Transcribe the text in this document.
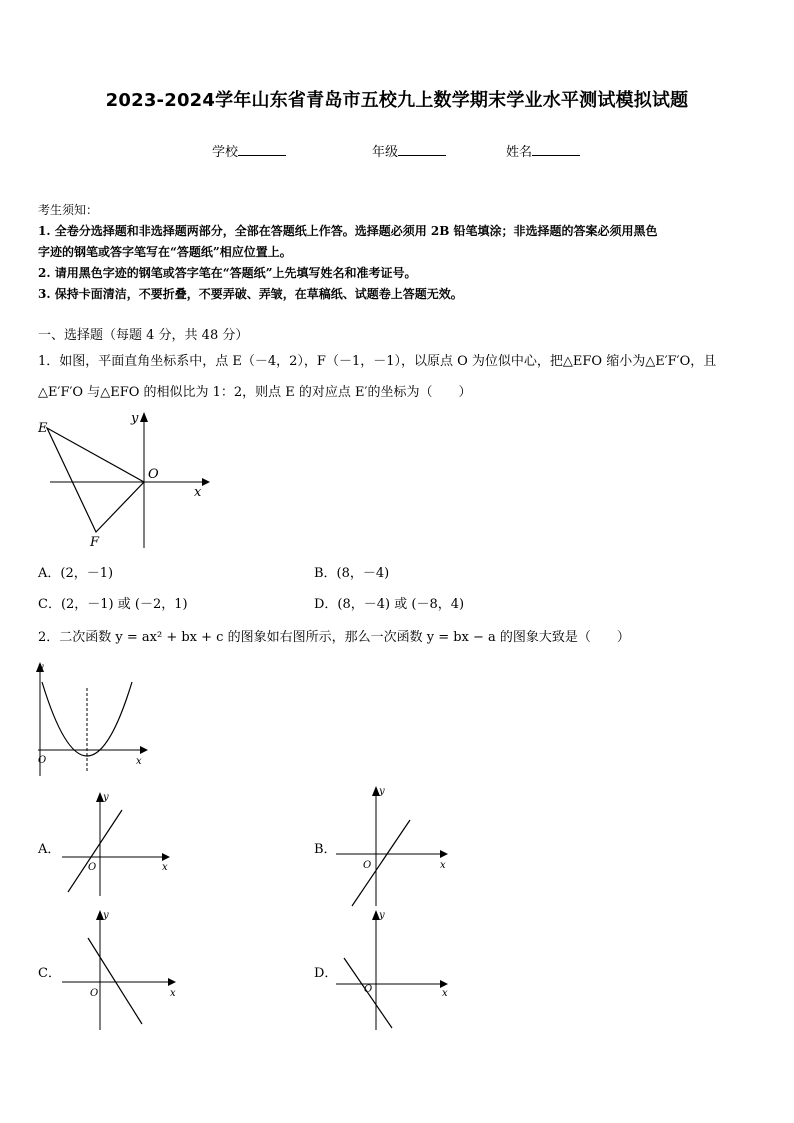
2023-2024学年山东省青岛市五校九上数学期末学业水平测试模拟试题
学校	年级	姓名
考生须知：
1. 全卷分选择题和非选择题两部分，全部在答题纸上作答。选择题必须用 2B 铅笔填涂；非选择题的答案必须用黑色
字迹的钢笔或答字笔写在“答题纸”相应位置上。
2. 请用黑色字迹的钢笔或答字笔在“答题纸”上先填写姓名和准考证号。
3. 保持卡面清洁，不要折叠，不要弄破、弄皱，在草稿纸、试题卷上答题无效。
一、选择题（每题 4 分，共 48 分）
1．如图，平面直角坐标系中，点 E（－4，2），F（－1，－1），以原点 O 为位似中心，把△EFO 缩小为△E′F′O，且
△E′F′O 与△EFO 的相似比为 1：2，则点 E 的对应点 E′的坐标为（　　）
E
F
O
x
y
A．(2，－1)	B．(8，－4)
C．(2，－1) 或 (－2，1)	D．(8，－4) 或 (－8，4)
2．二次函数 y = ax² + bx + c 的图象如右图所示，那么一次函数 y = bx − a 的图象大致是（　　）
O	x
y
A．
O	x
y
B．
O	x
y
C．
O	x
y
D．
O	x
y
